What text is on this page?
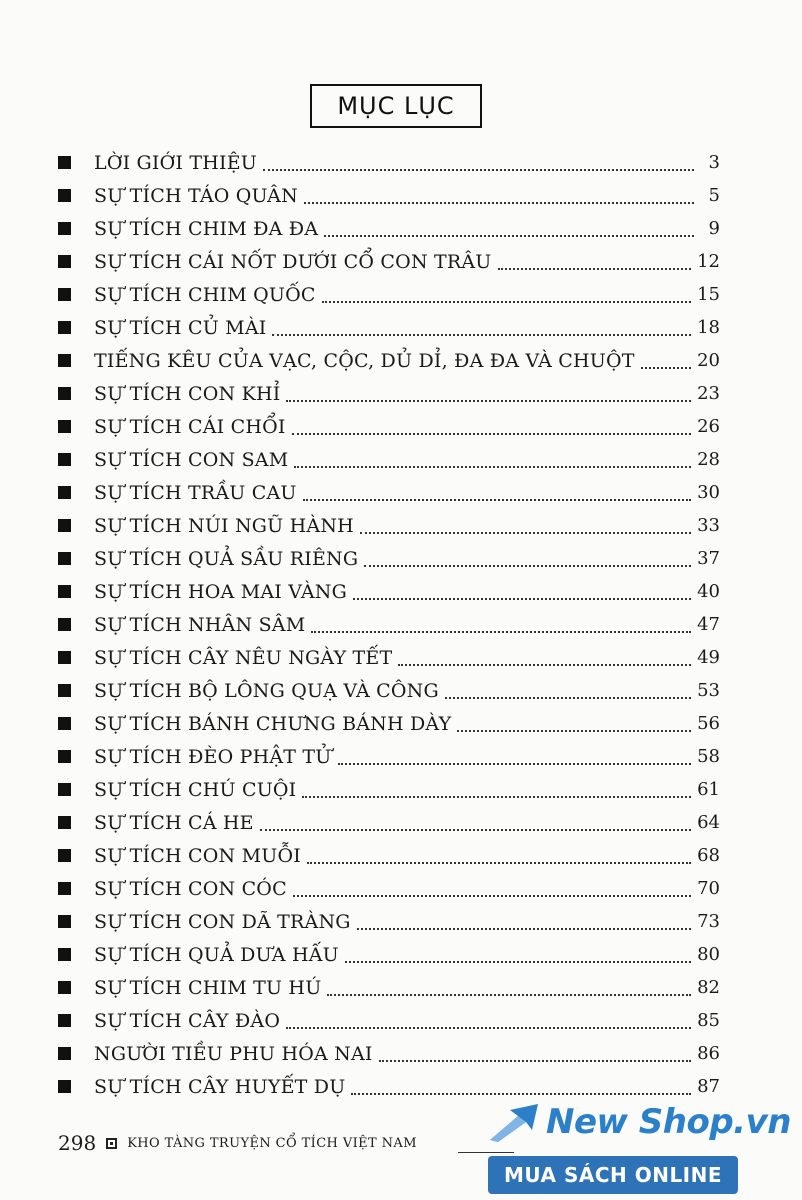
MỤC LỤC
LỜI GIỚI THIỆU	3
SỰ TÍCH TÁO QUÂN	5
SỰ TÍCH CHIM ĐA ĐA	9
SỰ TÍCH CÁI NỐT DƯỚI CỔ CON TRÂU	12
SỰ TÍCH CHIM QUỐC	15
SỰ TÍCH CỦ MÀI	18
TIẾNG KÊU CỦA VẠC, CỘC, DỦ DỈ, ĐA ĐA VÀ CHUỘT	20
SỰ TÍCH CON KHỈ	23
SỰ TÍCH CÁI CHỔI	26
SỰ TÍCH CON SAM	28
SỰ TÍCH TRẦU CAU	30
SỰ TÍCH NÚI NGŨ HÀNH	33
SỰ TÍCH QUẢ SẦU RIÊNG	37
SỰ TÍCH HOA MAI VÀNG	40
SỰ TÍCH NHÂN SÂM	47
SỰ TÍCH CÂY NÊU NGÀY TẾT	49
SỰ TÍCH BỘ LÔNG QUẠ VÀ CÔNG	53
SỰ TÍCH BÁNH CHƯNG BÁNH DÀY	56
SỰ TÍCH ĐÈO PHẬT TỬ	58
SỰ TÍCH CHÚ CUỘI	61
SỰ TÍCH CÁ HE	64
SỰ TÍCH CON MUỖI	68
SỰ TÍCH CON CÓC	70
SỰ TÍCH CON DÃ TRÀNG	73
SỰ TÍCH QUẢ DƯA HẤU	80
SỰ TÍCH CHIM TU HÚ	82
SỰ TÍCH CÂY ĐÀO	85
NGƯỜI TIỀU PHU HÓA NAI	86
SỰ TÍCH CÂY HUYẾT DỤ	87
298 KHO TÀNG TRUYỆN CỔ TÍCH VIỆT NAM
New Shop.vn
MUA SÁCH ONLINE
